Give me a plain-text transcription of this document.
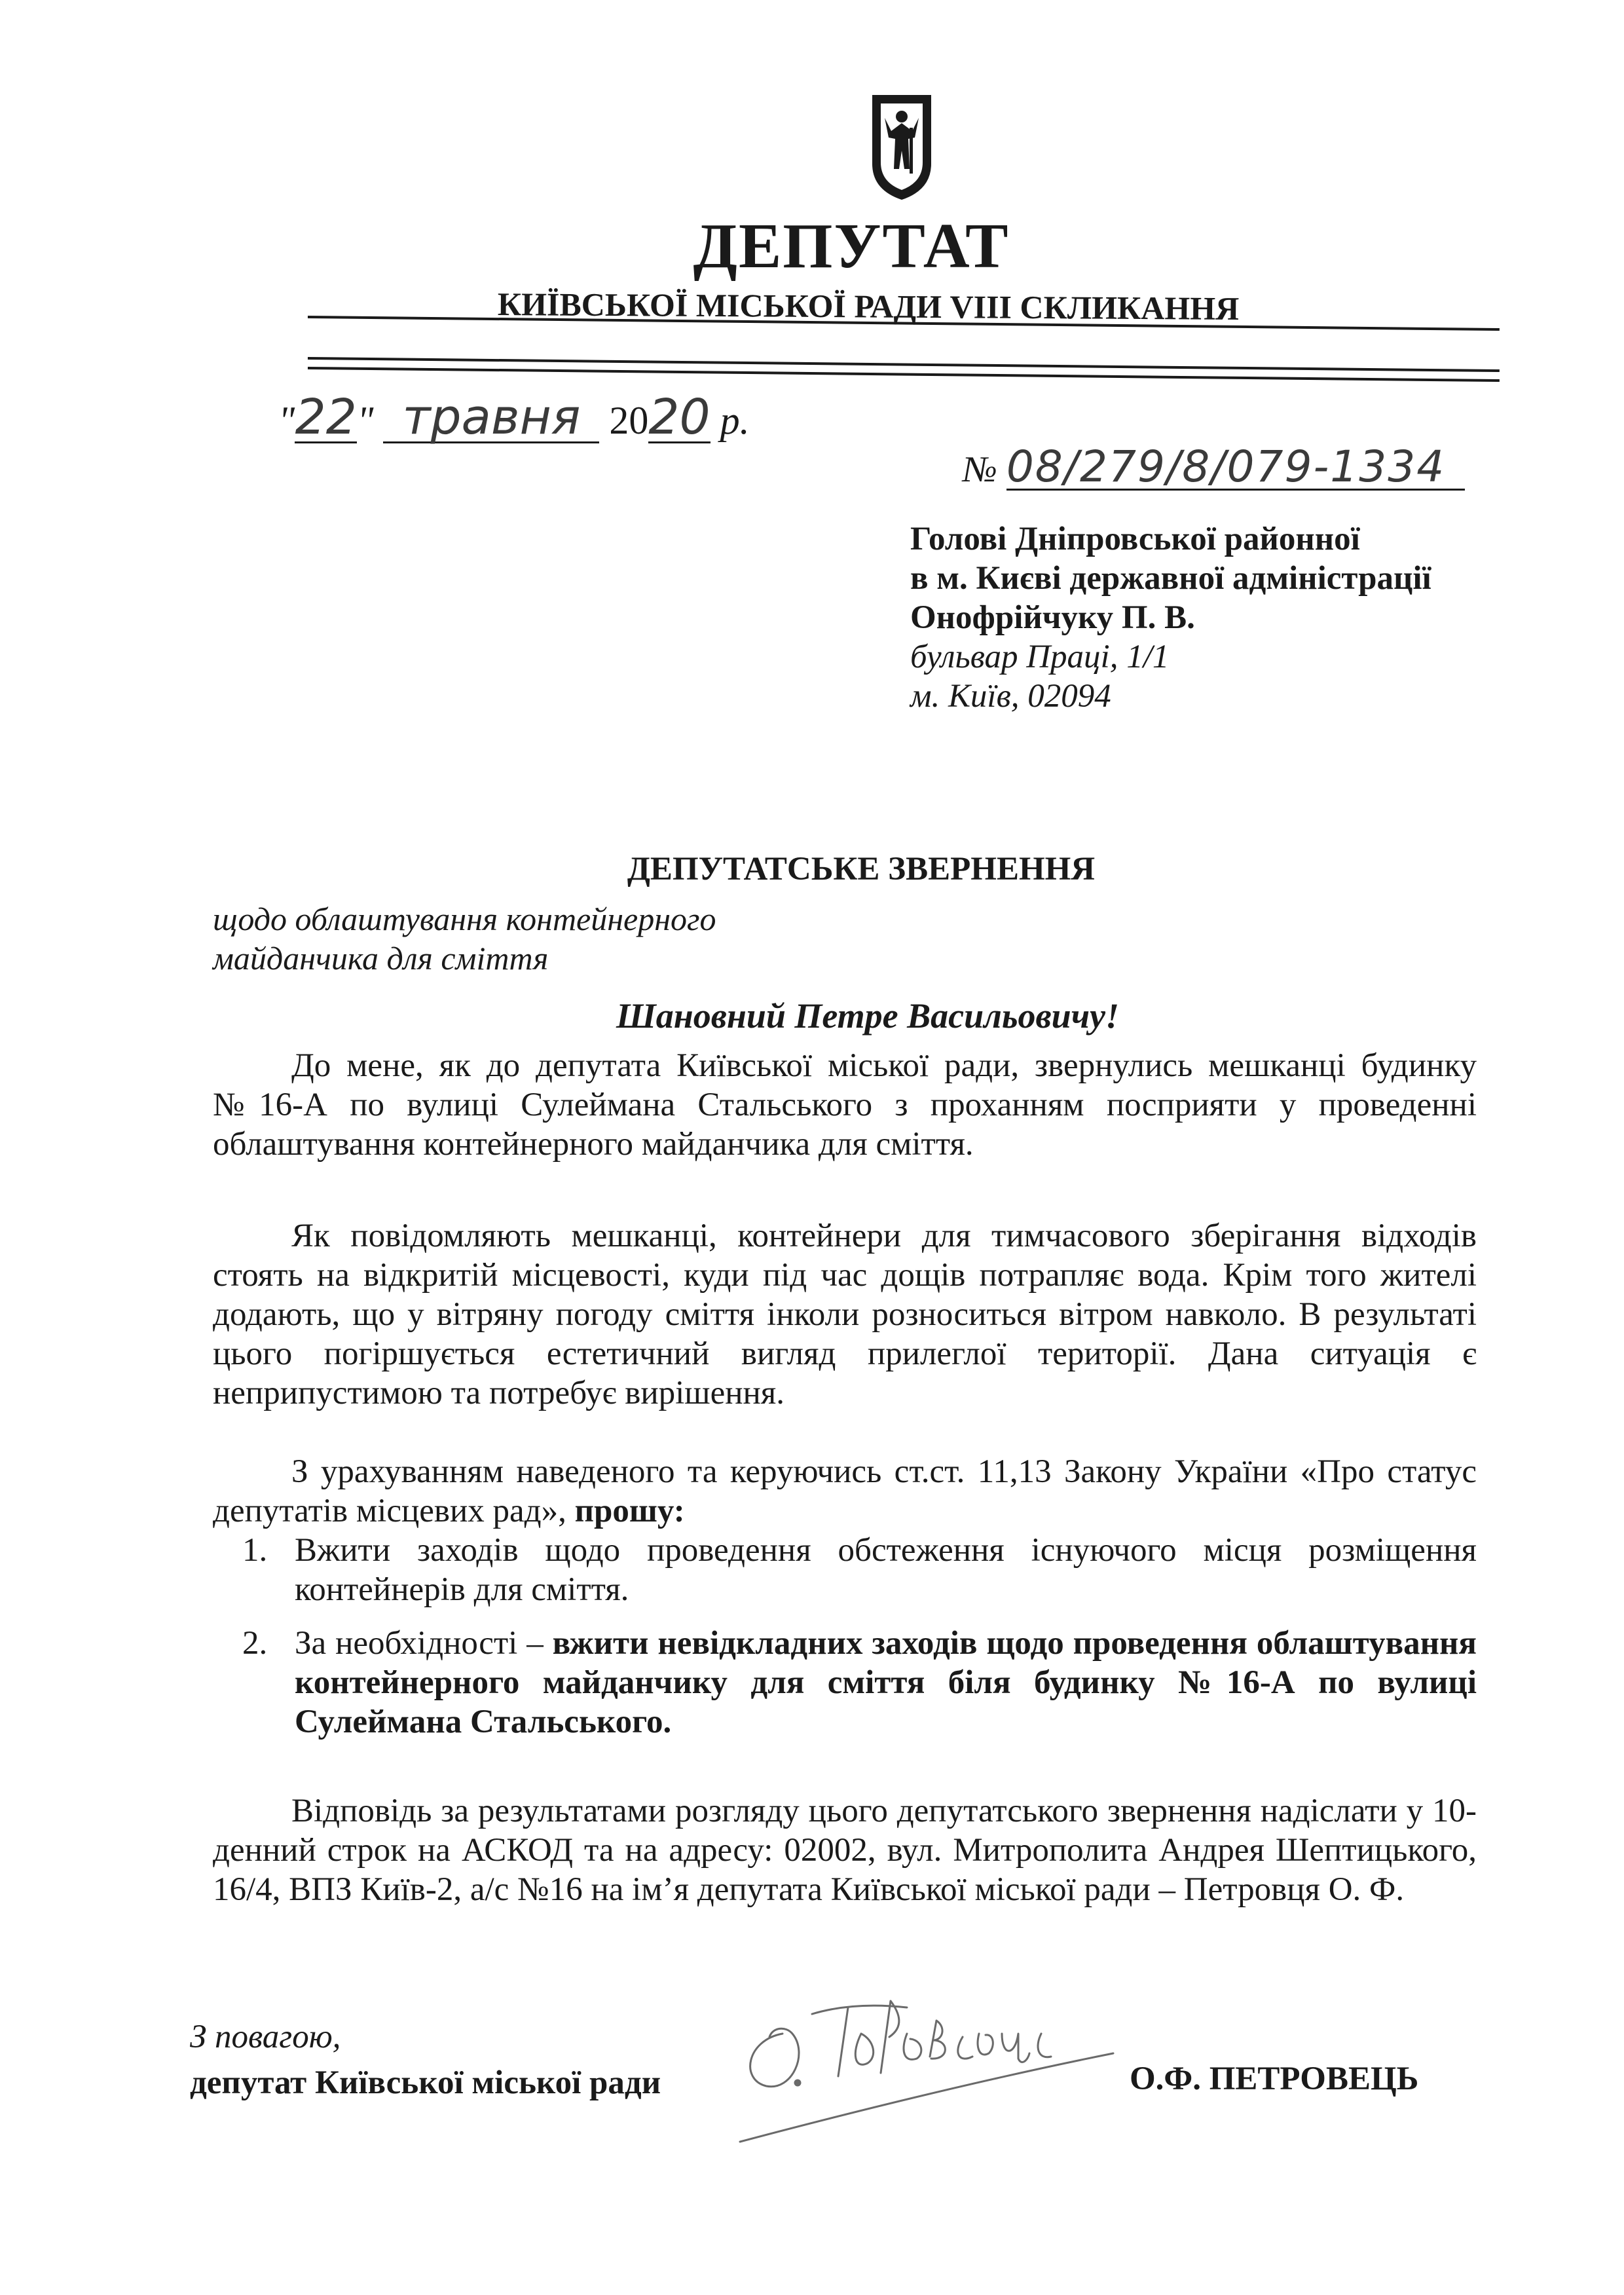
ДЕПУТАТ
КИЇВСЬКОЇ МІСЬКОЇ РАДИ VIII СКЛИКАННЯ
"22" травня 2020 р.
№ 08/279/8/079-1334
Голові Дніпровської районної
в м. Києві державної адміністрації
Онофрійчуку П. В.
бульвар Праці, 1/1
м. Київ, 02094
ДЕПУТАТСЬКЕ ЗВЕРНЕННЯ
щодо облаштування контейнерного
майданчика для сміття
Шановний Петре Васильовичу!

До мене, як до депутата Київської міської ради, звернулись мешканці будинку №16-А по вулиці Сулеймана Стальського з проханням посприяти у проведенні облаштування контейнерного майданчика для сміття.

Як повідомляють мешканці, контейнери для тимчасового зберігання відходів стоять на відкритій місцевості, куди під час дощів потрапляє вода. Крім того жителі додають, що у вітряну погоду сміття інколи розноситься вітром навколо. В результаті цього погіршується естетичний вигляд прилеглої території. Дана ситуація є неприпустимою та потребує вирішення.

З урахуванням наведеного та керуючись ст.ст. 11,13 Закону України «Про статус депутатів місцевих рад», прошу:

1. Вжити заходів щодо проведення обстеження існуючого місця розміщення контейнерів для сміття.
2. За необхідності – вжити невідкладних заходів щодо проведення облаштування контейнерного майданчику для сміття біля будинку №16-А по вулиці Сулеймана Стальського.

Відповідь за результатами розгляду цього депутатського звернення надіслати у 10-денний строк на АСКОД та на адресу: 02002, вул. Митрополита Андрея Шептицького, 16/4, ВПЗ Київ-2, а/с №16 на ім’я депутата Київської міської ради – Петровця О. Ф.

З повагою,
депутат Київської міської ради	О.Ф. ПЕТРОВЕЦЬ
